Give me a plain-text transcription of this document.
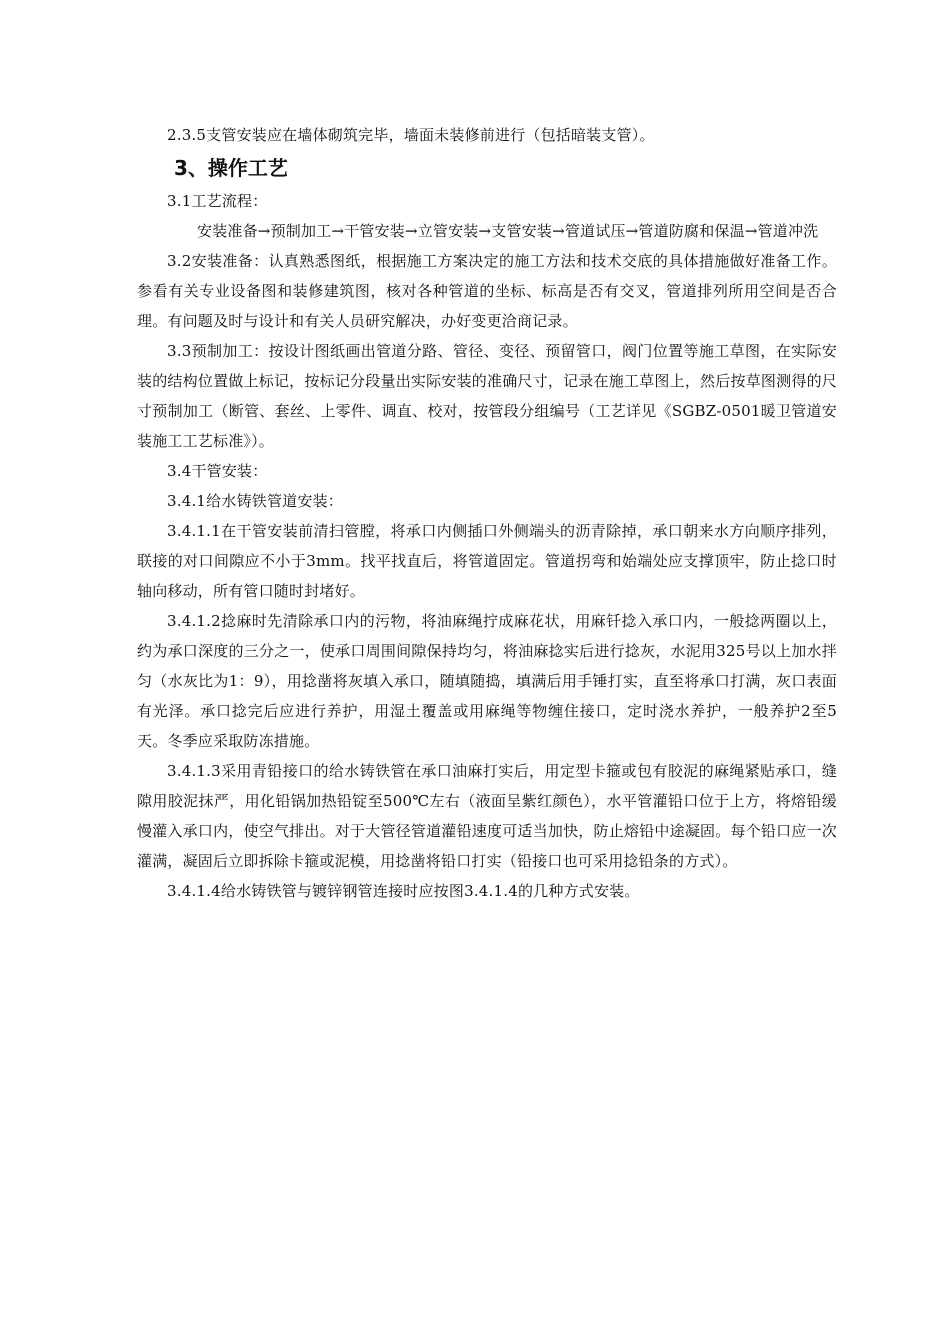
2.3.5支管安装应在墙体砌筑完毕，墙面未装修前进行（包括暗装支管）。

3、操作工艺

3.1工艺流程：

安装准备→预制加工→干管安装→立管安装→支管安装→管道试压→管道防腐和保温→管道冲洗

3.2安装准备：认真熟悉图纸，根据施工方案决定的施工方法和技术交底的具体措施做好准备工作。参看有关专业设备图和装修建筑图，核对各种管道的坐标、标高是否有交叉，管道排列所用空间是否合理。有问题及时与设计和有关人员研究解决，办好变更洽商记录。

3.3预制加工：按设计图纸画出管道分路、管径、变径、预留管口，阀门位置等施工草图，在实际安装的结构位置做上标记，按标记分段量出实际安装的准确尺寸，记录在施工草图上，然后按草图测得的尺寸预制加工（断管、套丝、上零件、调直、校对，按管段分组编号（工艺详见《SGBZ-0501暖卫管道安装施工工艺标准》）。

3.4干管安装：

3.4.1给水铸铁管道安装：

3.4.1.1在干管安装前清扫管膛，将承口内侧插口外侧端头的沥青除掉，承口朝来水方向顺序排列，联接的对口间隙应不小于3mm。找平找直后，将管道固定。管道拐弯和始端处应支撑顶牢，防止捻口时轴向移动，所有管口随时封堵好。

3.4.1.2捻麻时先清除承口内的污物，将油麻绳拧成麻花状，用麻钎捻入承口内，一般捻两圈以上，约为承口深度的三分之一，使承口周围间隙保持均匀，将油麻捻实后进行捻灰，水泥用325号以上加水拌匀（水灰比为1：9），用捻凿将灰填入承口，随填随捣，填满后用手锤打实，直至将承口打满，灰口表面有光泽。承口捻完后应进行养护，用湿土覆盖或用麻绳等物缠住接口，定时浇水养护，一般养护2至5天。冬季应采取防冻措施。

3.4.1.3采用青铅接口的给水铸铁管在承口油麻打实后，用定型卡箍或包有胶泥的麻绳紧贴承口，缝隙用胶泥抹严，用化铅锅加热铅锭至500℃左右（液面呈紫红颜色），水平管灌铅口位于上方，将熔铅缓慢灌入承口内，使空气排出。对于大管径管道灌铅速度可适当加快，防止熔铅中途凝固。每个铅口应一次灌满，凝固后立即拆除卡箍或泥模，用捻凿将铅口打实（铅接口也可采用捻铅条的方式）。

3.4.1.4给水铸铁管与镀锌钢管连接时应按图3.4.1.4的几种方式安装。
